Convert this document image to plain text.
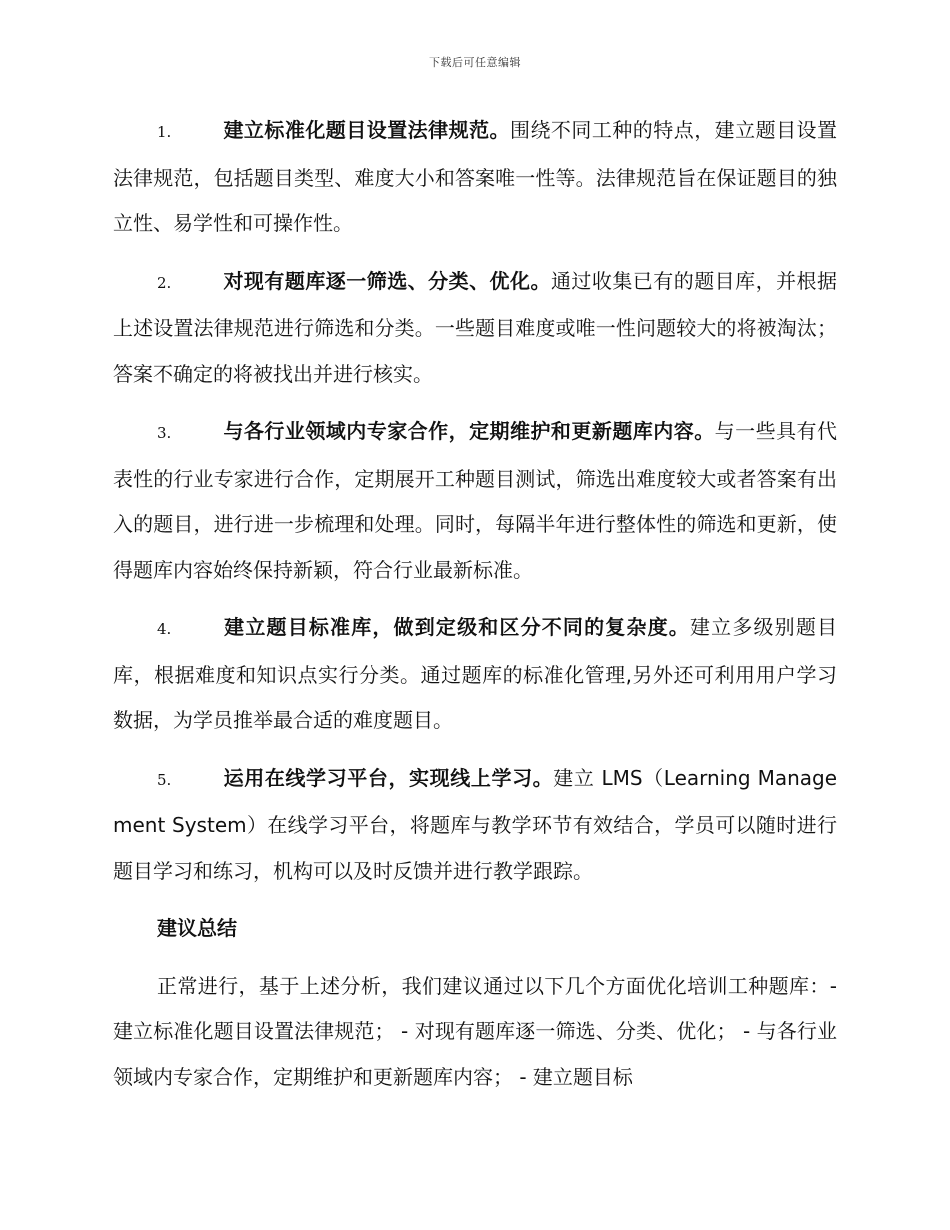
下载后可任意编辑

1.	建立标准化题目设置法律规范。围绕不同工种的特点，建立题目设置法律规范，包括题目类型、难度大小和答案唯一性等。法律规范旨在保证题目的独立性、易学性和可操作性。

2.	对现有题库逐一筛选、分类、优化。通过收集已有的题目库，并根据上述设置法律规范进行筛选和分类。一些题目难度或唯一性问题较大的将被淘汰；答案不确定的将被找出并进行核实。

3.	与各行业领域内专家合作，定期维护和更新题库内容。与一些具有代表性的行业专家进行合作，定期展开工种题目测试，筛选出难度较大或者答案有出入的题目，进行进一步梳理和处理。同时，每隔半年进行整体性的筛选和更新，使得题库内容始终保持新颖，符合行业最新标准。

4.	建立题目标准库，做到定级和区分不同的复杂度。建立多级别题目库，根据难度和知识点实行分类。通过题库的标准化管理,另外还可利用用户学习数据，为学员推举最合适的难度题目。

5.	运用在线学习平台，实现线上学习。建立 LMS（Learning Management System）在线学习平台，将题库与教学环节有效结合，学员可以随时进行题目学习和练习，机构可以及时反馈并进行教学跟踪。

建议总结

正常进行，基于上述分析，我们建议通过以下几个方面优化培训工种题库：- 建立标准化题目设置法律规范； - 对现有题库逐一筛选、分类、优化； - 与各行业领域内专家合作，定期维护和更新题库内容； - 建立题目标
